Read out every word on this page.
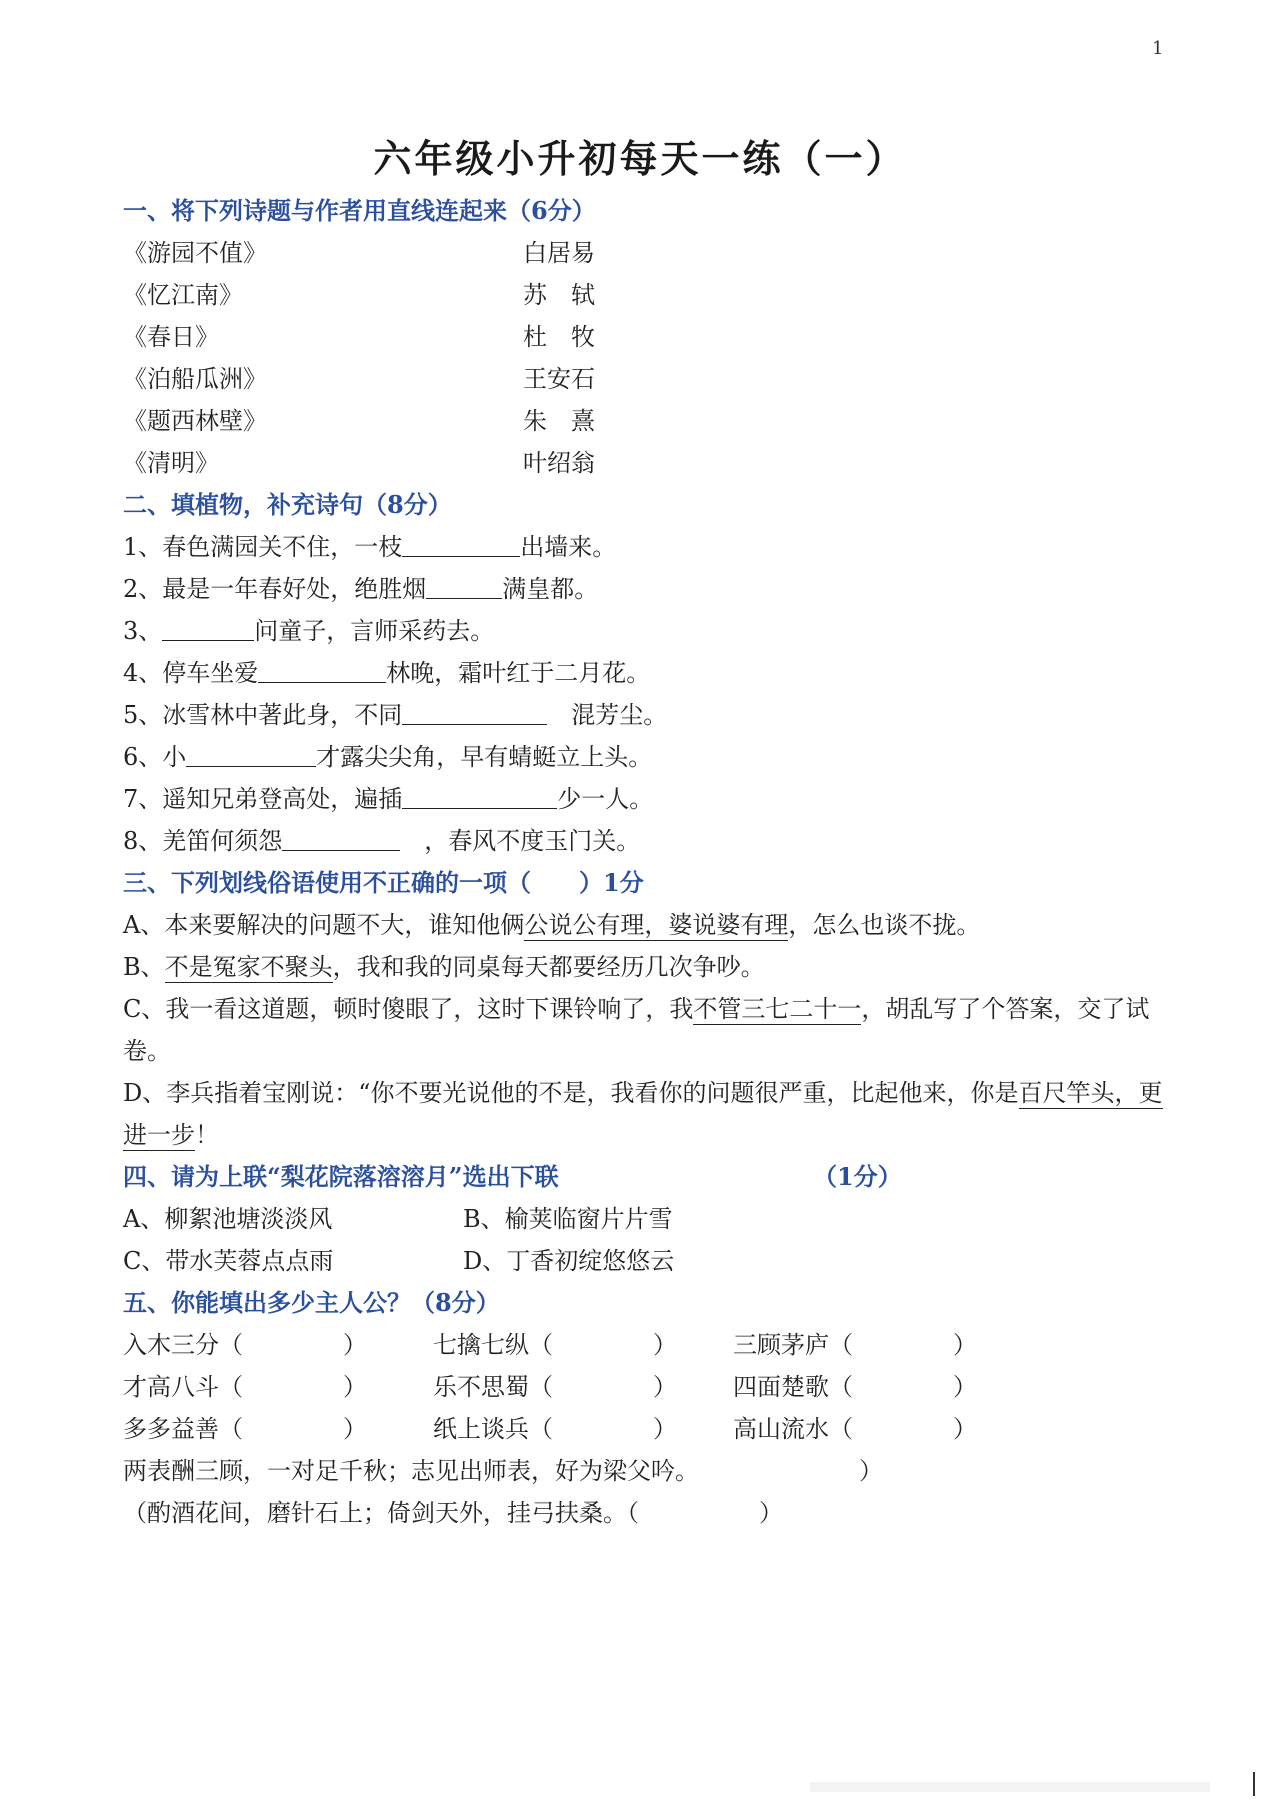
1
六年级小升初每天一练（一）
一、将下列诗题与作者用直线连起来（6分）
《游园不值》	白居易
《忆江南》	苏　轼
《春日》	杜　牧
《泊船瓜洲》	王安石
《题西林壁》	朱　熹
《清明》	叶绍翁
二、填植物，补充诗句（8分）
1、春色满园关不住，一枝	出墙来。
2、最是一年春好处，绝胜烟	满皇都。
3、	问童子，言师采药去。
4、停车坐爱	林晚，霜叶红于二月花。
5、冰雪林中著此身，不同	　混芳尘。
6、小	才露尖尖角，早有蜻蜓立上头。
7、遥知兄弟登高处，遍插	少一人。
8、羌笛何须怨	　，春风不度玉门关。
三、下列划线俗语使用不正确的一项（　　）1分
A、本来要解决的问题不大，谁知他俩公说公有理，婆说婆有理，怎么也谈不拢。
B、不是冤家不聚头，我和我的同桌每天都要经历几次争吵。
C、我一看这道题，顿时傻眼了，这时下课铃响了，我不管三七二十一，胡乱写了个答案，交了试卷。
D、李兵指着宝刚说：“你不要光说他的不是，我看你的问题很严重，比起他来，你是百尺竿头，更进一步！
四、请为上联“梨花院落溶溶月”选出下联	（1分）
A、柳絮池塘淡淡风	B、榆荚临窗片片雪
C、带水芙蓉点点雨	D、丁香初绽悠悠云
五、你能填出多少主人公？（8分）
入木三分（	）	七擒七纵（	） 三顾茅庐（	）
才高八斗（	）	乐不思蜀（	） 四面楚歌（	）
多多益善（	）	纸上谈兵（	） 高山流水（	）
两表酬三顾，一对足千秋；志见出师表，好为梁父吟。	）
（酌酒花间，磨针石上；倚剑天外，挂弓扶桑。（	）
